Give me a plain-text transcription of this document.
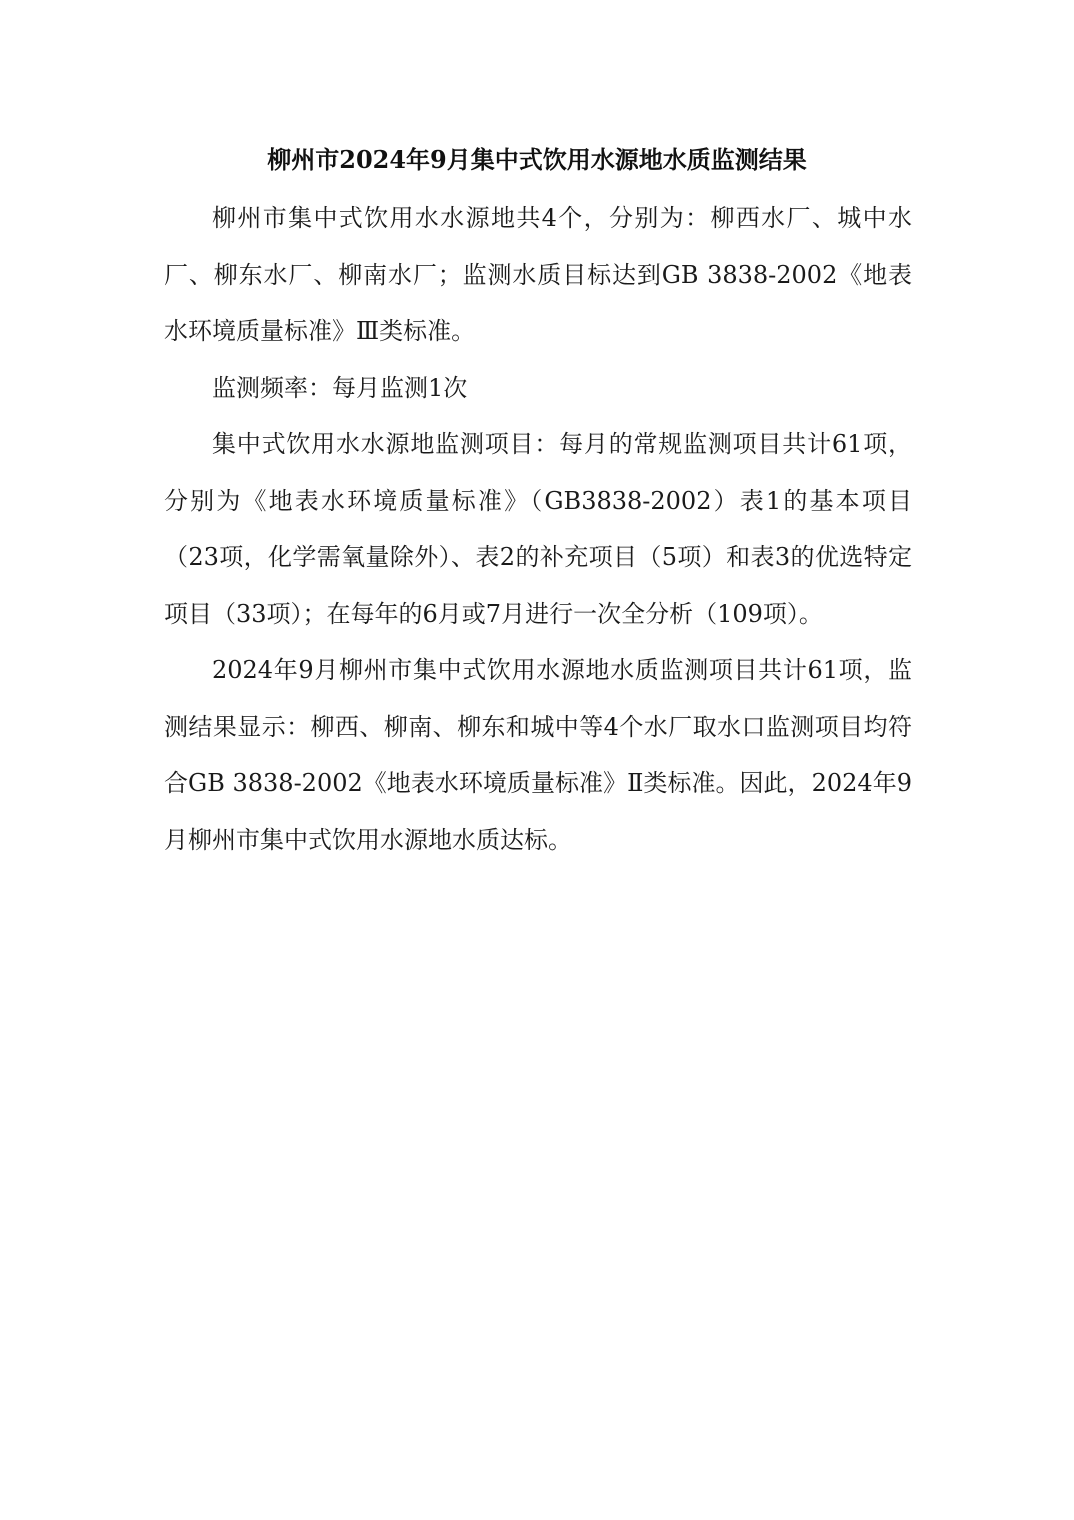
柳州市2024年9月集中式饮用水源地水质监测结果

柳州市集中式饮用水水源地共4个，分别为：柳西水厂、城中水厂、柳东水厂、柳南水厂；监测水质目标达到GB 3838-2002《地表水环境质量标准》Ⅲ类标准。

监测频率：每月监测1次

集中式饮用水水源地监测项目：每月的常规监测项目共计61项，分别为《地表水环境质量标准》（GB3838-2002）表1的基本项目（23项，化学需氧量除外）、表2的补充项目（5项）和表3的优选特定项目（33项）；在每年的6月或7月进行一次全分析（109项）。

2024年9月柳州市集中式饮用水源地水质监测项目共计61项，监测结果显示：柳西、柳南、柳东和城中等4个水厂取水口监测项目均符合GB 3838-2002《地表水环境质量标准》Ⅱ类标准。因此，2024年9月柳州市集中式饮用水源地水质达标。
